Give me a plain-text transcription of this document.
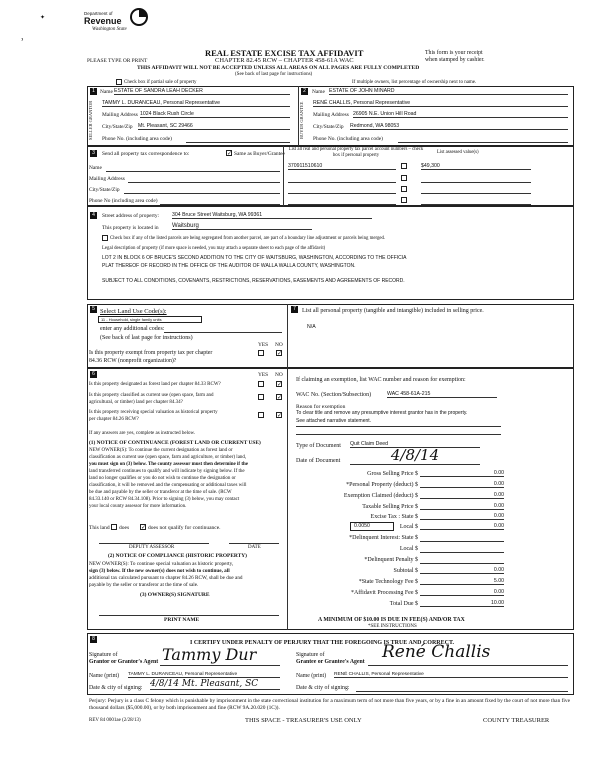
Department of
Revenue
Washington State
˒
✦
REAL ESTATE EXCISE TAX AFFIDAVIT
CHAPTER 82.45 RCW – CHAPTER 458-61A WAC
THIS AFFIDAVIT WILL NOT BE ACCEPTED UNLESS ALL AREAS ON ALL PAGES ARE FULLY COMPLETED
(See back of last page for instructions)
PLEASE TYPE OR PRINT
This form is your receipt
when stamped by cashier.
Check box if partial sale of property	If multiple owners, list percentage of ownership next to name.
1
SELLER GRANTOR
Name ESTATE OF SANDRA LEAH DECKER
TAMMY L. DURANCEAU, Personal Representative
Mailing Address 1024 Black Rush Circle
City/State/Zip Mt. Pleasant, SC 29466
Phone No. (including area code)
2
BUYER GRANTEE
Name ESTATE OF JOHN MINARD
RENÉ CHALLIS, Personal Representative
Mailing Address 26905 N.E. Union Hill Road
City/State/Zip Redmond, WA 98053
Phone No. (including area code)
3	Send all property tax correspondence to:	✓ Same as Buyer/Grantee
Name
Mailing Address
City/State/Zip
Phone No (including area code)
List all real and personal property tax parcel account numbers – check box if personal property
List assessed value(s)
370911510610	$49,300
4	Street address of property: 304 Bruce Street Waitsburg, WA 99361
This property is located in Waitsburg
Check box if any of the listed parcels are being segregated from another parcel, are part of a boundary line adjustment or parcels being merged.
Legal description of property (if more space is needed, you may attach a separate sheet to each page of the affidavit)
LOT 2 IN BLOCK 6 OF BRUCE'S SECOND ADDITION TO THE CITY OF WAITSBURG, WASHINGTON, ACCORDING TO THE OFFICIA
PLAT THEREOF OF RECORD IN THE OFFICE OF THE AUDITOR OF WALLA WALLA COUNTY, WASHINGTON.
SUBJECT TO ALL CONDITIONS, COVENANTS, RESTRICTIONS, RESERVATIONS, EASEMENTS AND AGREEMENTS OF RECORD.
5 Select Land Use Code(s):
11 - Household, single family units
enter any additional codes:
(See back of last page for instructions)
YES NO
Is this property exempt from property tax per chapter
84.36 RCW (nonprofit organization)?
✓
7	List all personal property (tangible and intangible) included in selling price.
N/A
6	YES NO
Is this property designated as forest land per chapter 84.33 RCW?	✓
Is this property classified as current use (open space, farm and
agricultural, or timber) land per chapter 84.34?
✓
Is this property receiving special valuation as historical property
per chapter 84.26 RCW?
✓
If any answers are yes, complete as instructed below.
(1) NOTICE OF CONTINUANCE (FOREST LAND OR CURRENT USE)
NEW OWNER(S): To continue the current designation as forest land or
classification as current use (open space, farm and agriculture, or timber) land,
you must sign on (3) below. The county assessor must then determine if the
land transferred continues to qualify and will indicate by signing below. If the
land no longer qualifies or you do not wish to continue the designation or
classification, it will be removed and the compensating or additional taxes will
be due and payable by the seller or transferor at the time of sale. (RCW
84.33.140 or RCW 84.34.108). Prior to signing (3) below, you may contact
your local county assessor for more information.
This land does ✓ does not qualify for continuance.
DEPUTY ASSESSOR	DATE
(2) NOTICE OF COMPLIANCE (HISTORIC PROPERTY)
NEW OWNER(S): To continue special valuation as historic property,
sign (3) below. If the new owner(s) does not wish to continue, all
additional tax calculated pursuant to chapter 84.26 RCW, shall be due and
payable by the seller or transferor at the time of sale.
(3) OWNER(S) SIGNATURE
PRINT NAME
If claiming an exemption, list WAC number and reason for exemption:
WAC No. (Section/Subsection)	WAC 458-61A-215
Reason for exemption
To clear title and remove any presumptive interest grantor has in the property.
See attached narrative statement.
Type of Document Quit Claim Deed
Date of Document	4/8/14
Gross Selling Price $	0.00
*Personal Property (deduct) $	0.00
Exemption Claimed (deduct) $	0.00
Taxable Selling Price $	0.00
Excise Tax : State $	0.00
0.0050	Local $	0.00
*Delinquent Interest: State $
Local $
*Delinquent Penalty $
Subtotal $	0.00
*State Technology Fee $	5.00
*Affidavit Processing Fee $	0.00
Total Due $	10.00
A MINIMUM OF $10.00 IS DUE IN FEE(S) AND/OR TAX
*SEE INSTRUCTIONS
8
I CERTIFY UNDER PENALTY OF PERJURY THAT THE FOREGOING IS TRUE AND CORRECT.
Signature of
Grantor or Grantor's Agent Tammy Dur	Signature of
Grantee or Grantee's Agent René Challis
Name (print) TAMMY L. DURANCEAU, Personal Representative	Name (print) RENÉ CHALLIS, Personal Representative
Date & city of signing: 4/8/14 Mt. Pleasant, SC	Date & city of signing:
Perjury: Perjury is a class C felony which is punishable by imprisonment in the state correctional institution for a maximum term of not more than five years, or by a fine in an amount fixed by the court of not more than five thousand dollars ($5,000.00), or by both imprisonment and fine (RCW 9A.20.020 (1C)).
REV 84 0001ae (2/28/13)	THIS SPACE - TREASURER'S USE ONLY	COUNTY TREASURER
